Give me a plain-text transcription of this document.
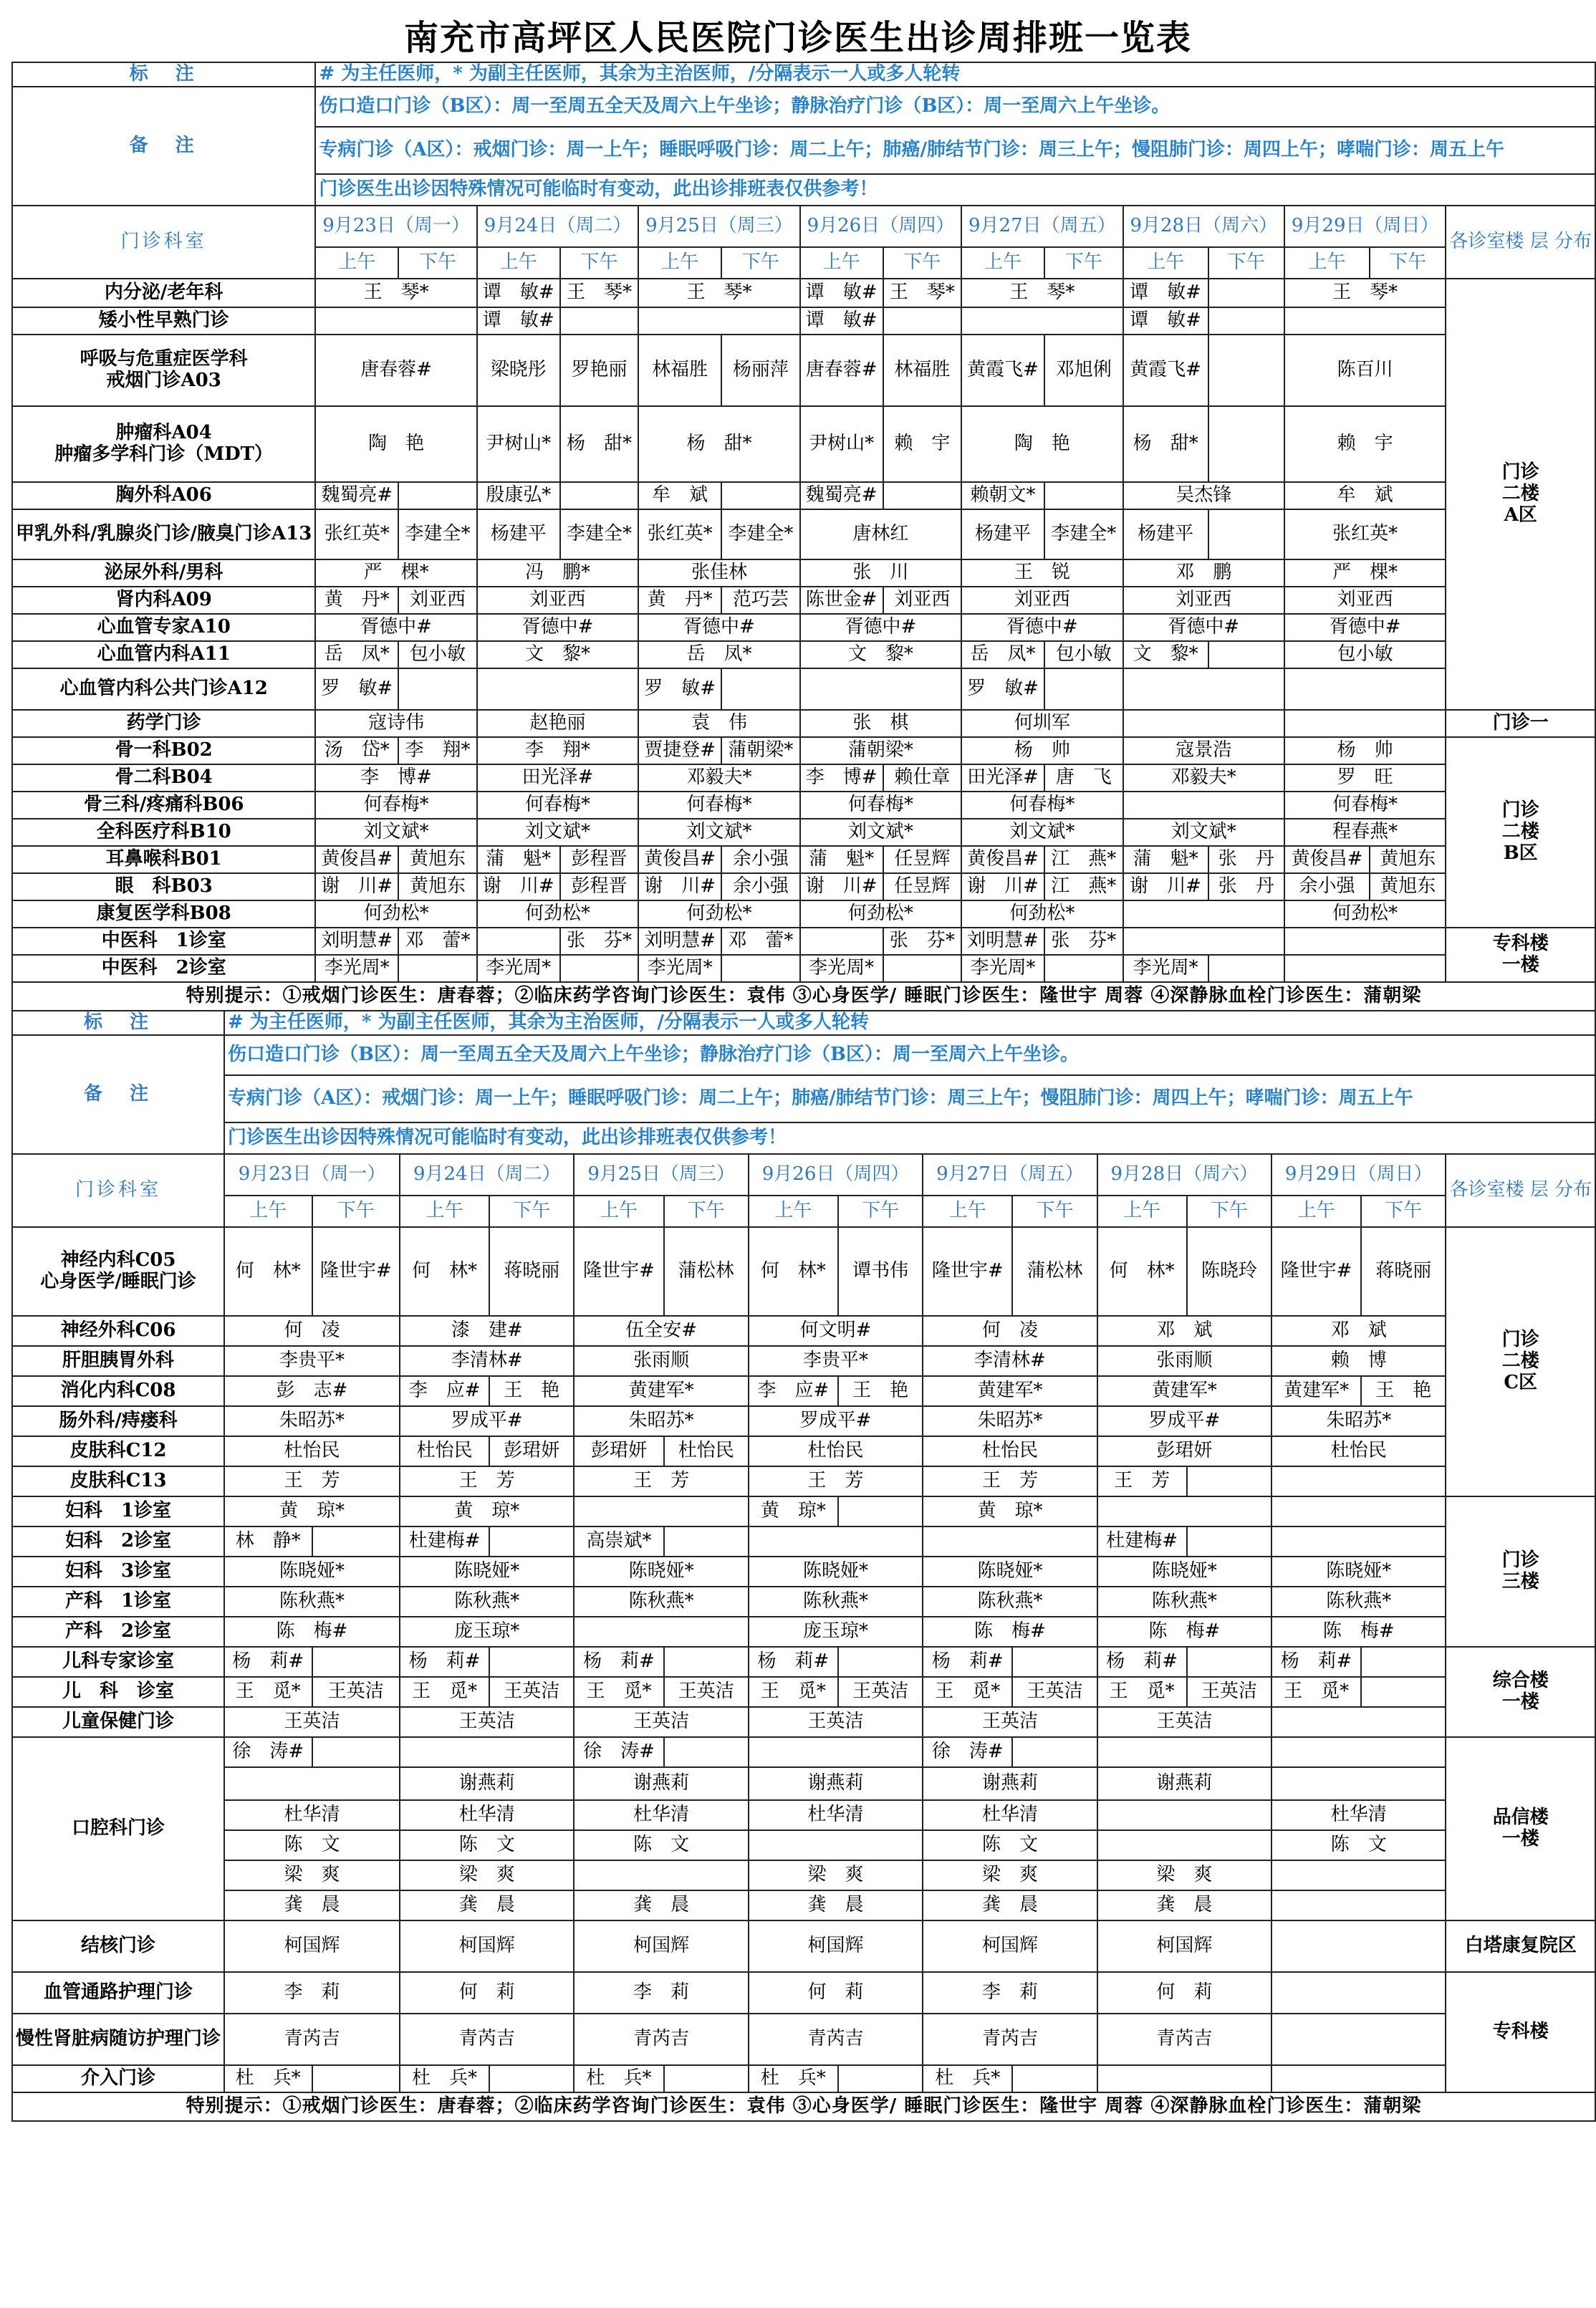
南充市高坪区人民医院门诊医生出诊周排班一览表
标　注	# 为主任医师，* 为副主任医师，其余为主治医师，/分隔表示一人或多人轮转														
备　注	伤口造口门诊（B区）：周一至周五全天及周六上午坐诊；静脉治疗门诊（B区）：周一至周六上午坐诊。														
	专病门诊（A区）：戒烟门诊：周一上午；睡眠呼吸门诊：周二上午；肺癌/肺结节门诊：周三上午；慢阻肺门诊：周四上午；哮喘门诊：周五上午														
	门诊医生出诊因特殊情况可能临时有变动，此出诊排班表仅供参考！														
门诊科室	9月23日（周一）		9月24日（周二）		9月25日（周三）		9月26日（周四）		9月27日（周五）		9月28日（周六）		9月29日（周日）		各诊室楼 层 分布
	上午	下午	上午	下午	上午	下午	上午	下午	上午	下午	上午	下午	上午	下午	
内分泌/老年科	王　琴*		谭　敏#	王　琴*	王　琴*		谭　敏#	王　琴*	王　琴*		谭　敏#		王　琴*		门诊
二楼
A区
矮小性早熟门诊			谭　敏#				谭　敏#				谭　敏#				
呼吸与危重症医学科
戒烟门诊A03	唐春蓉#		梁晓彤	罗艳丽	林福胜	杨丽萍	唐春蓉#	林福胜	黄霞飞#	邓旭俐	黄霞飞#		陈百川		
肿瘤科A04
肿瘤多学科门诊（MDT）	陶　艳		尹树山*	杨　甜*	杨　甜*		尹树山*	赖　宇	陶　艳		杨　甜*		赖　宇		
胸外科A06	魏蜀亮#		殷康弘*		牟　斌		魏蜀亮#		赖朝文*		吴杰锋		牟　斌		
甲乳外科/乳腺炎门诊/腋臭门诊A13	张红英*	李建全*	杨建平	李建全*	张红英*	李建全*	唐林红		杨建平	李建全*	杨建平		张红英*		
泌尿外科/男科	严　棵*		冯　鹏*		张佳林		张　川		王　锐		邓　鹏		严　棵*		
肾内科A09	黄　丹*	刘亚西	刘亚西		黄　丹*	范巧芸	陈世金#	刘亚西	刘亚西		刘亚西		刘亚西		
心血管专家A10	胥德中#		胥德中#		胥德中#		胥德中#		胥德中#		胥德中#		胥德中#		
心血管内科A11	岳　凤*	包小敏	文　黎*		岳　凤*		文　黎*		岳　凤*	包小敏	文　黎*		包小敏		
心血管内科公共门诊A12	罗　敏#				罗　敏#				罗　敏#						
药学门诊	寇诗伟		赵艳丽		袁　伟		张　棋		何圳军						门诊一
骨一科B02	汤　岱*	李　翔*	李　翔*		贾捷登#	蒲朝梁*	蒲朝梁*		杨　帅		寇景浩		杨　帅		门诊
二楼
B区
骨二科B04	李　博#		田光泽#		邓毅夫*		李　博#	赖仕章	田光泽#	唐　飞	邓毅夫*		罗　旺		
骨三科/疼痛科B06	何春梅*		何春梅*		何春梅*		何春梅*		何春梅*				何春梅*		
全科医疗科B10	刘文斌*		刘文斌*		刘文斌*		刘文斌*		刘文斌*		刘文斌*		程春燕*		
耳鼻喉科B01	黄俊昌#	黄旭东	蒲　魁*	彭程晋	黄俊昌#	余小强	蒲　魁*	任昱辉	黄俊昌#	江　燕*	蒲　魁*	张　丹	黄俊昌#	黄旭东	
眼　科B03	谢　川#	黄旭东	谢　川#	彭程晋	谢　川#	余小强	谢　川#	任昱辉	谢　川#	江　燕*	谢　川#	张　丹	余小强	黄旭东	
康复医学科B08	何劲松*		何劲松*		何劲松*		何劲松*		何劲松*				何劲松*		
中医科　1诊室	刘明慧#	邓　蕾*		张　芬*	刘明慧#	邓　蕾*		张　芬*	刘明慧#	张　芬*					专科楼
一楼
中医科　2诊室	李光周*		李光周*		李光周*		李光周*		李光周*		李光周*				
特别提示：①戒烟门诊医生：唐春蓉；②临床药学咨询门诊医生：袁伟 ③心身医学/ 睡眠门诊医生：隆世宇 周蓉 ④深静脉血栓门诊医生：蒲朝梁															
标　注	# 为主任医师，* 为副主任医师，其余为主治医师，/分隔表示一人或多人轮转														
备　注	伤口造口门诊（B区）：周一至周五全天及周六上午坐诊；静脉治疗门诊（B区）：周一至周六上午坐诊。														
	专病门诊（A区）：戒烟门诊：周一上午；睡眠呼吸门诊：周二上午；肺癌/肺结节门诊：周三上午；慢阻肺门诊：周四上午；哮喘门诊：周五上午														
	门诊医生出诊因特殊情况可能临时有变动，此出诊排班表仅供参考！														
门诊科室	9月23日（周一）		9月24日（周二）		9月25日（周三）		9月26日（周四）		9月27日（周五）		9月28日（周六）		9月29日（周日）		各诊室楼 层 分布
	上午	下午	上午	下午	上午	下午	上午	下午	上午	下午	上午	下午	上午	下午	
神经内科C05
心身医学/睡眠门诊	何　林*	隆世宇#	何　林*	蒋晓丽	隆世宇#	蒲松林	何　林*	谭书伟	隆世宇#	蒲松林	何　林*	陈晓玲	隆世宇#	蒋晓丽	门诊
二楼
C区
神经外科C06	何　凌		漆　建#		伍全安#		何文明#		何　凌		邓　斌		邓　斌		
肝胆胰胃外科	李贵平*		李清林#		张雨顺		李贵平*		李清林#		张雨顺		赖　博		
消化内科C08	彭　志#		李　应#	王　艳	黄建军*		李　应#	王　艳	黄建军*		黄建军*		黄建军*	王　艳	
肠外科/痔瘘科	朱昭苏*		罗成平#		朱昭苏*		罗成平#		朱昭苏*		罗成平#		朱昭苏*		
皮肤科C12	杜怡民		杜怡民	彭珺妍	彭珺妍	杜怡民	杜怡民		杜怡民		彭珺妍		杜怡民		
皮肤科C13	王　芳		王　芳		王　芳		王　芳		王　芳		王　芳				
妇科　1诊室	黄　琼*		黄　琼*				黄　琼*		黄　琼*						门诊
三楼
妇科　2诊室	林　静*		杜建梅#		高崇斌*						杜建梅#				
妇科　3诊室	陈晓娅*		陈晓娅*		陈晓娅*		陈晓娅*		陈晓娅*		陈晓娅*		陈晓娅*		
产科　1诊室	陈秋燕*		陈秋燕*		陈秋燕*		陈秋燕*		陈秋燕*		陈秋燕*		陈秋燕*		
产科　2诊室	陈　梅#		庞玉琼*				庞玉琼*		陈　梅#		陈　梅#		陈　梅#		
儿科专家诊室	杨　莉#		杨　莉#		杨　莉#		杨　莉#		杨　莉#		杨　莉#		杨　莉#		综合楼
一楼
儿　科　诊室	王　觅*	王英洁	王　觅*	王英洁	王　觅*	王英洁	王　觅*	王英洁	王　觅*	王英洁	王　觅*	王英洁	王　觅*		
儿童保健门诊	王英洁		王英洁		王英洁		王英洁		王英洁		王英洁				
口腔科门诊	徐　涛#				徐　涛#				徐　涛#						品信楼
一楼
			谢燕莉		谢燕莉		谢燕莉		谢燕莉		谢燕莉				
	杜华清		杜华清		杜华清		杜华清		杜华清				杜华清		
	陈　文		陈　文		陈　文				陈　文				陈　文		
	梁　爽		梁　爽				梁　爽		梁　爽		梁　爽				
	龚　晨		龚　晨		龚　晨		龚　晨		龚　晨		龚　晨				
结核门诊	柯国辉		柯国辉		柯国辉		柯国辉		柯国辉		柯国辉				白塔康复院区
血管通路护理门诊	李　莉		何　莉		李　莉		何　莉		李　莉		何　莉				专科楼
慢性肾脏病随访护理门诊	青芮吉		青芮吉		青芮吉		青芮吉		青芮吉		青芮吉				
介入门诊	杜　兵*		杜　兵*		杜　兵*		杜　兵*		杜　兵*						
特别提示：①戒烟门诊医生：唐春蓉；②临床药学咨询门诊医生：袁伟 ③心身医学/ 睡眠门诊医生：隆世宇 周蓉 ④深静脉血栓门诊医生：蒲朝梁															
